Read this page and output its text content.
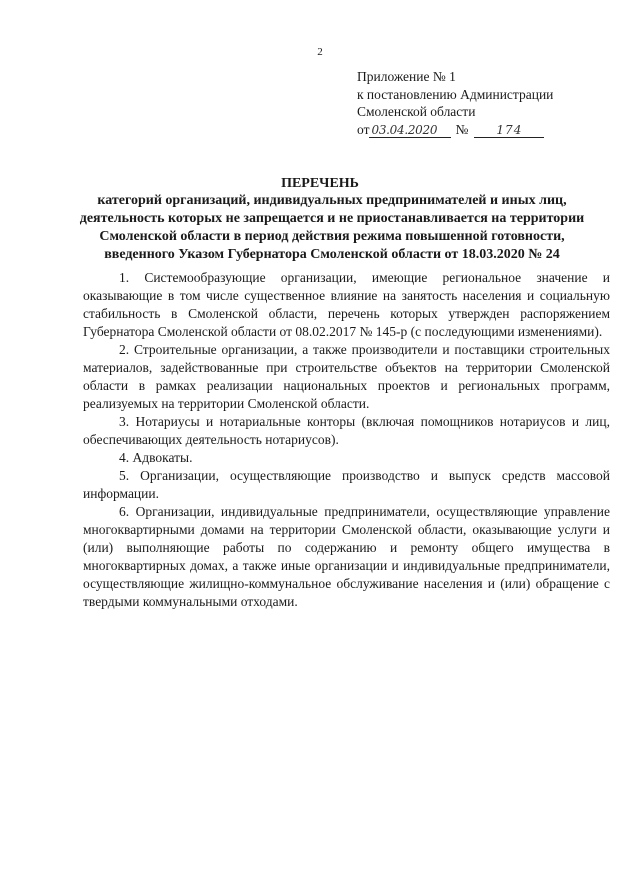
2
Приложение № 1
к постановлению Администрации
Смоленской области
от 03.04.2020 № 174
ПЕРЕЧЕНЬ
категорий организаций, индивидуальных предпринимателей и иных лиц,
деятельность которых не запрещается и не приостанавливается на территории
Смоленской области в период действия режима повышенной готовности,
введенного Указом Губернатора Смоленской области от 18.03.2020 № 24

1. Системообразующие организации, имеющие региональное значение и оказывающие в том числе существенное влияние на занятость населения и социальную стабильность в Смоленской области, перечень которых утвержден распоряжением Губернатора Смоленской области от 08.02.2017 № 145-р (с последующими изменениями).

2. Строительные организации, а также производители и поставщики строительных материалов, задействованные при строительстве объектов на территории Смоленской области в рамках реализации национальных проектов и региональных программ, реализуемых на территории Смоленской области.

3. Нотариусы и нотариальные конторы (включая помощников нотариусов и лиц, обеспечивающих деятельность нотариусов).

4. Адвокаты.

5. Организации, осуществляющие производство и выпуск средств массовой информации.

6. Организации, индивидуальные предприниматели, осуществляющие управление многоквартирными домами на территории Смоленской области, оказывающие услуги и (или) выполняющие работы по содержанию и ремонту общего имущества в многоквартирных домах, а также иные организации и индивидуальные предприниматели, осуществляющие жилищно-коммунальное обслуживание населения и (или) обращение с твердыми коммунальными отходами.
